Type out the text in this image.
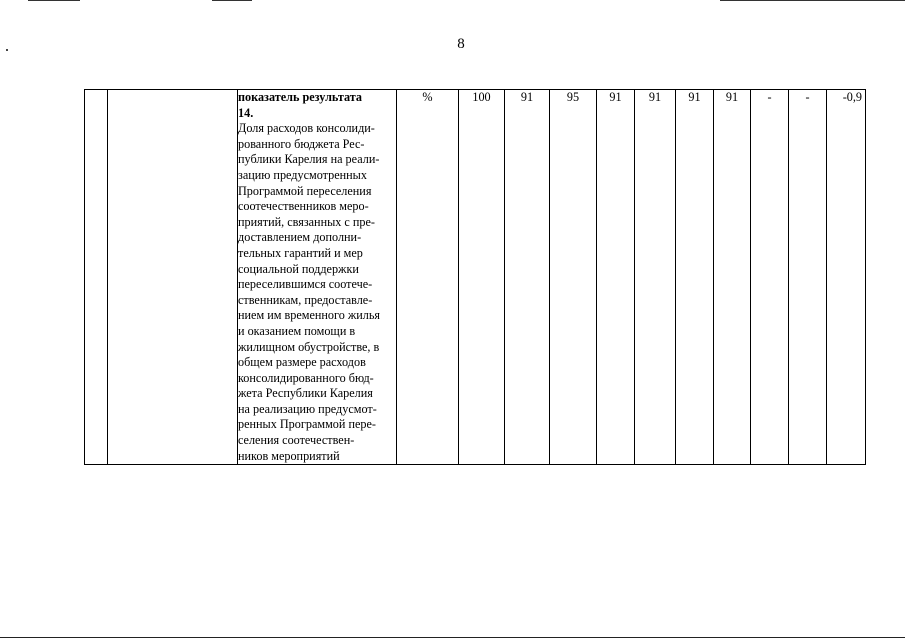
8

показатель результата
14.
Доля расходов консолиди-
рованного бюджета Рес-
публики Карелия на реали-
зацию предусмотренных
Программой переселения
соотечественников меро-
приятий, связанных с пре-
доставлением дополни-
тельных гарантий и мер
социальной поддержки
переселившимся соотече-
ственникам, предоставле-
нием им временного жилья
и оказанием помощи в
жилищном обустройстве, в
общем размере расходов
консолидированного бюд-
жета Республики Карелия
на реализацию предусмот-
ренных Программой пере-
селения соотечествен-
ников мероприятий
	%	100	91	95	91	91	91	91	-	-	-0,9
